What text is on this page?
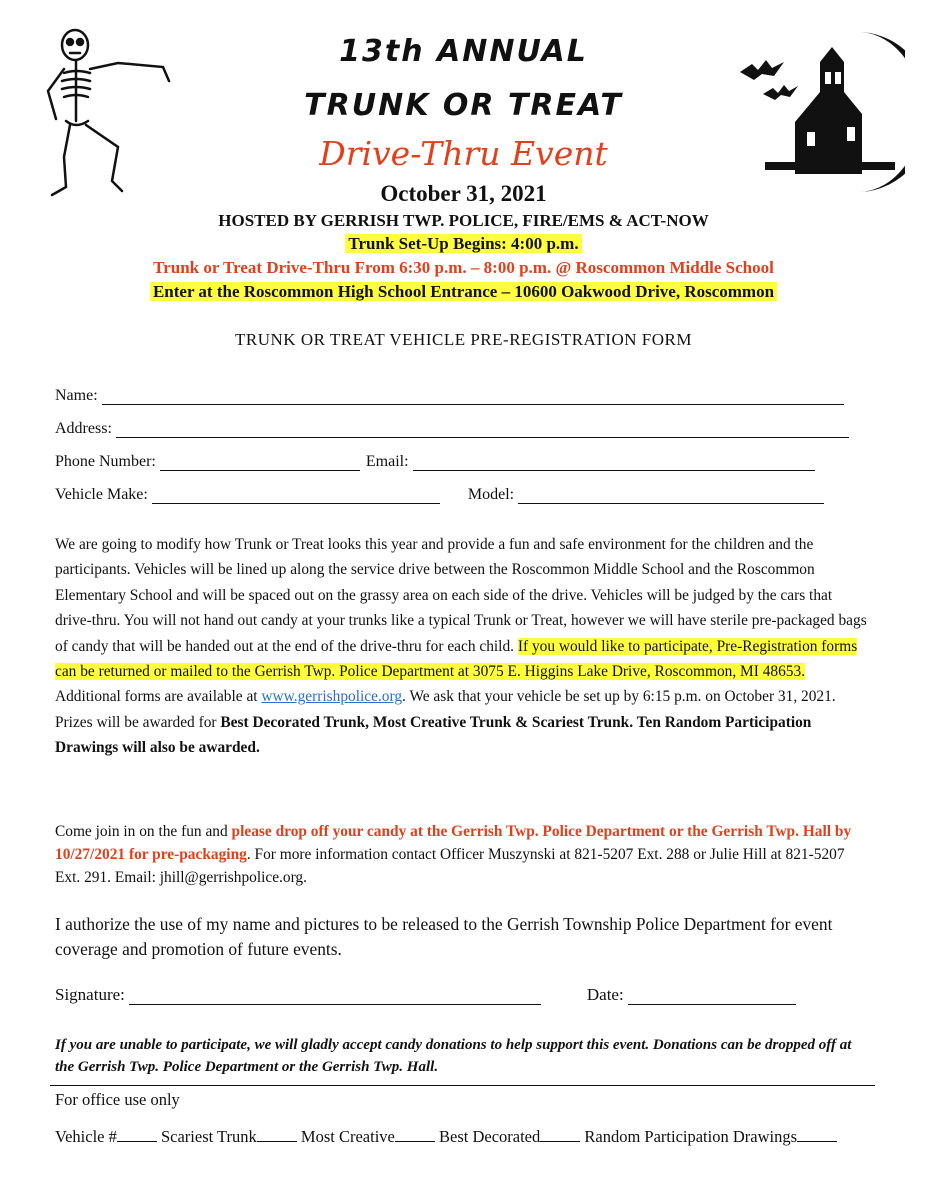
13th ANNUAL
TRUNK OR TREAT
Drive-Thru Event
October 31, 2021
HOSTED BY GERRISH TWP. POLICE, FIRE/EMS & ACT-NOW
Trunk Set-Up Begins: 4:00 p.m.
Trunk or Treat Drive-Thru From 6:30 p.m. – 8:00 p.m. @ Roscommon Middle School
Enter at the Roscommon High School Entrance – 10600 Oakwood Drive, Roscommon
TRUNK OR TREAT VEHICLE PRE-REGISTRATION FORM
Name:
Address:
Phone Number:	Email:
Vehicle Make:	Model:
We are going to modify how Trunk or Treat looks this year and provide a fun and safe environment for the children and the participants. Vehicles will be lined up along the service drive between the Roscommon Middle School and the Roscommon Elementary School and will be spaced out on the grassy area on each side of the drive. Vehicles will be judged by the cars that drive-thru. You will not hand out candy at your trunks like a typical Trunk or Treat, however we will have sterile pre-packaged bags of candy that will be handed out at the end of the drive-thru for each child. If you would like to participate, Pre-Registration forms can be returned or mailed to the Gerrish Twp. Police Department at 3075 E. Higgins Lake Drive, Roscommon, MI 48653. Additional forms are available at www.gerrishpolice.org. We ask that your vehicle be set up by 6:15 p.m. on October 31, 2021. Prizes will be awarded for Best Decorated Trunk, Most Creative Trunk & Scariest Trunk. Ten Random Participation Drawings will also be awarded.
Come join in on the fun and please drop off your candy at the Gerrish Twp. Police Department or the Gerrish Twp. Hall by 10/27/2021 for pre-packaging. For more information contact Officer Muszynski at 821-5207 Ext. 288 or Julie Hill at 821-5207 Ext. 291. Email: jhill@gerrishpolice.org.
I authorize the use of my name and pictures to be released to the Gerrish Township Police Department for event coverage and promotion of future events.
Signature:	Date:
If you are unable to participate, we will gladly accept candy donations to help support this event. Donations can be dropped off at the Gerrish Twp. Police Department or the Gerrish Twp. Hall.
For office use only
Vehicle #	Scariest Trunk	Most Creative	Best Decorated	Random Participation Drawings
